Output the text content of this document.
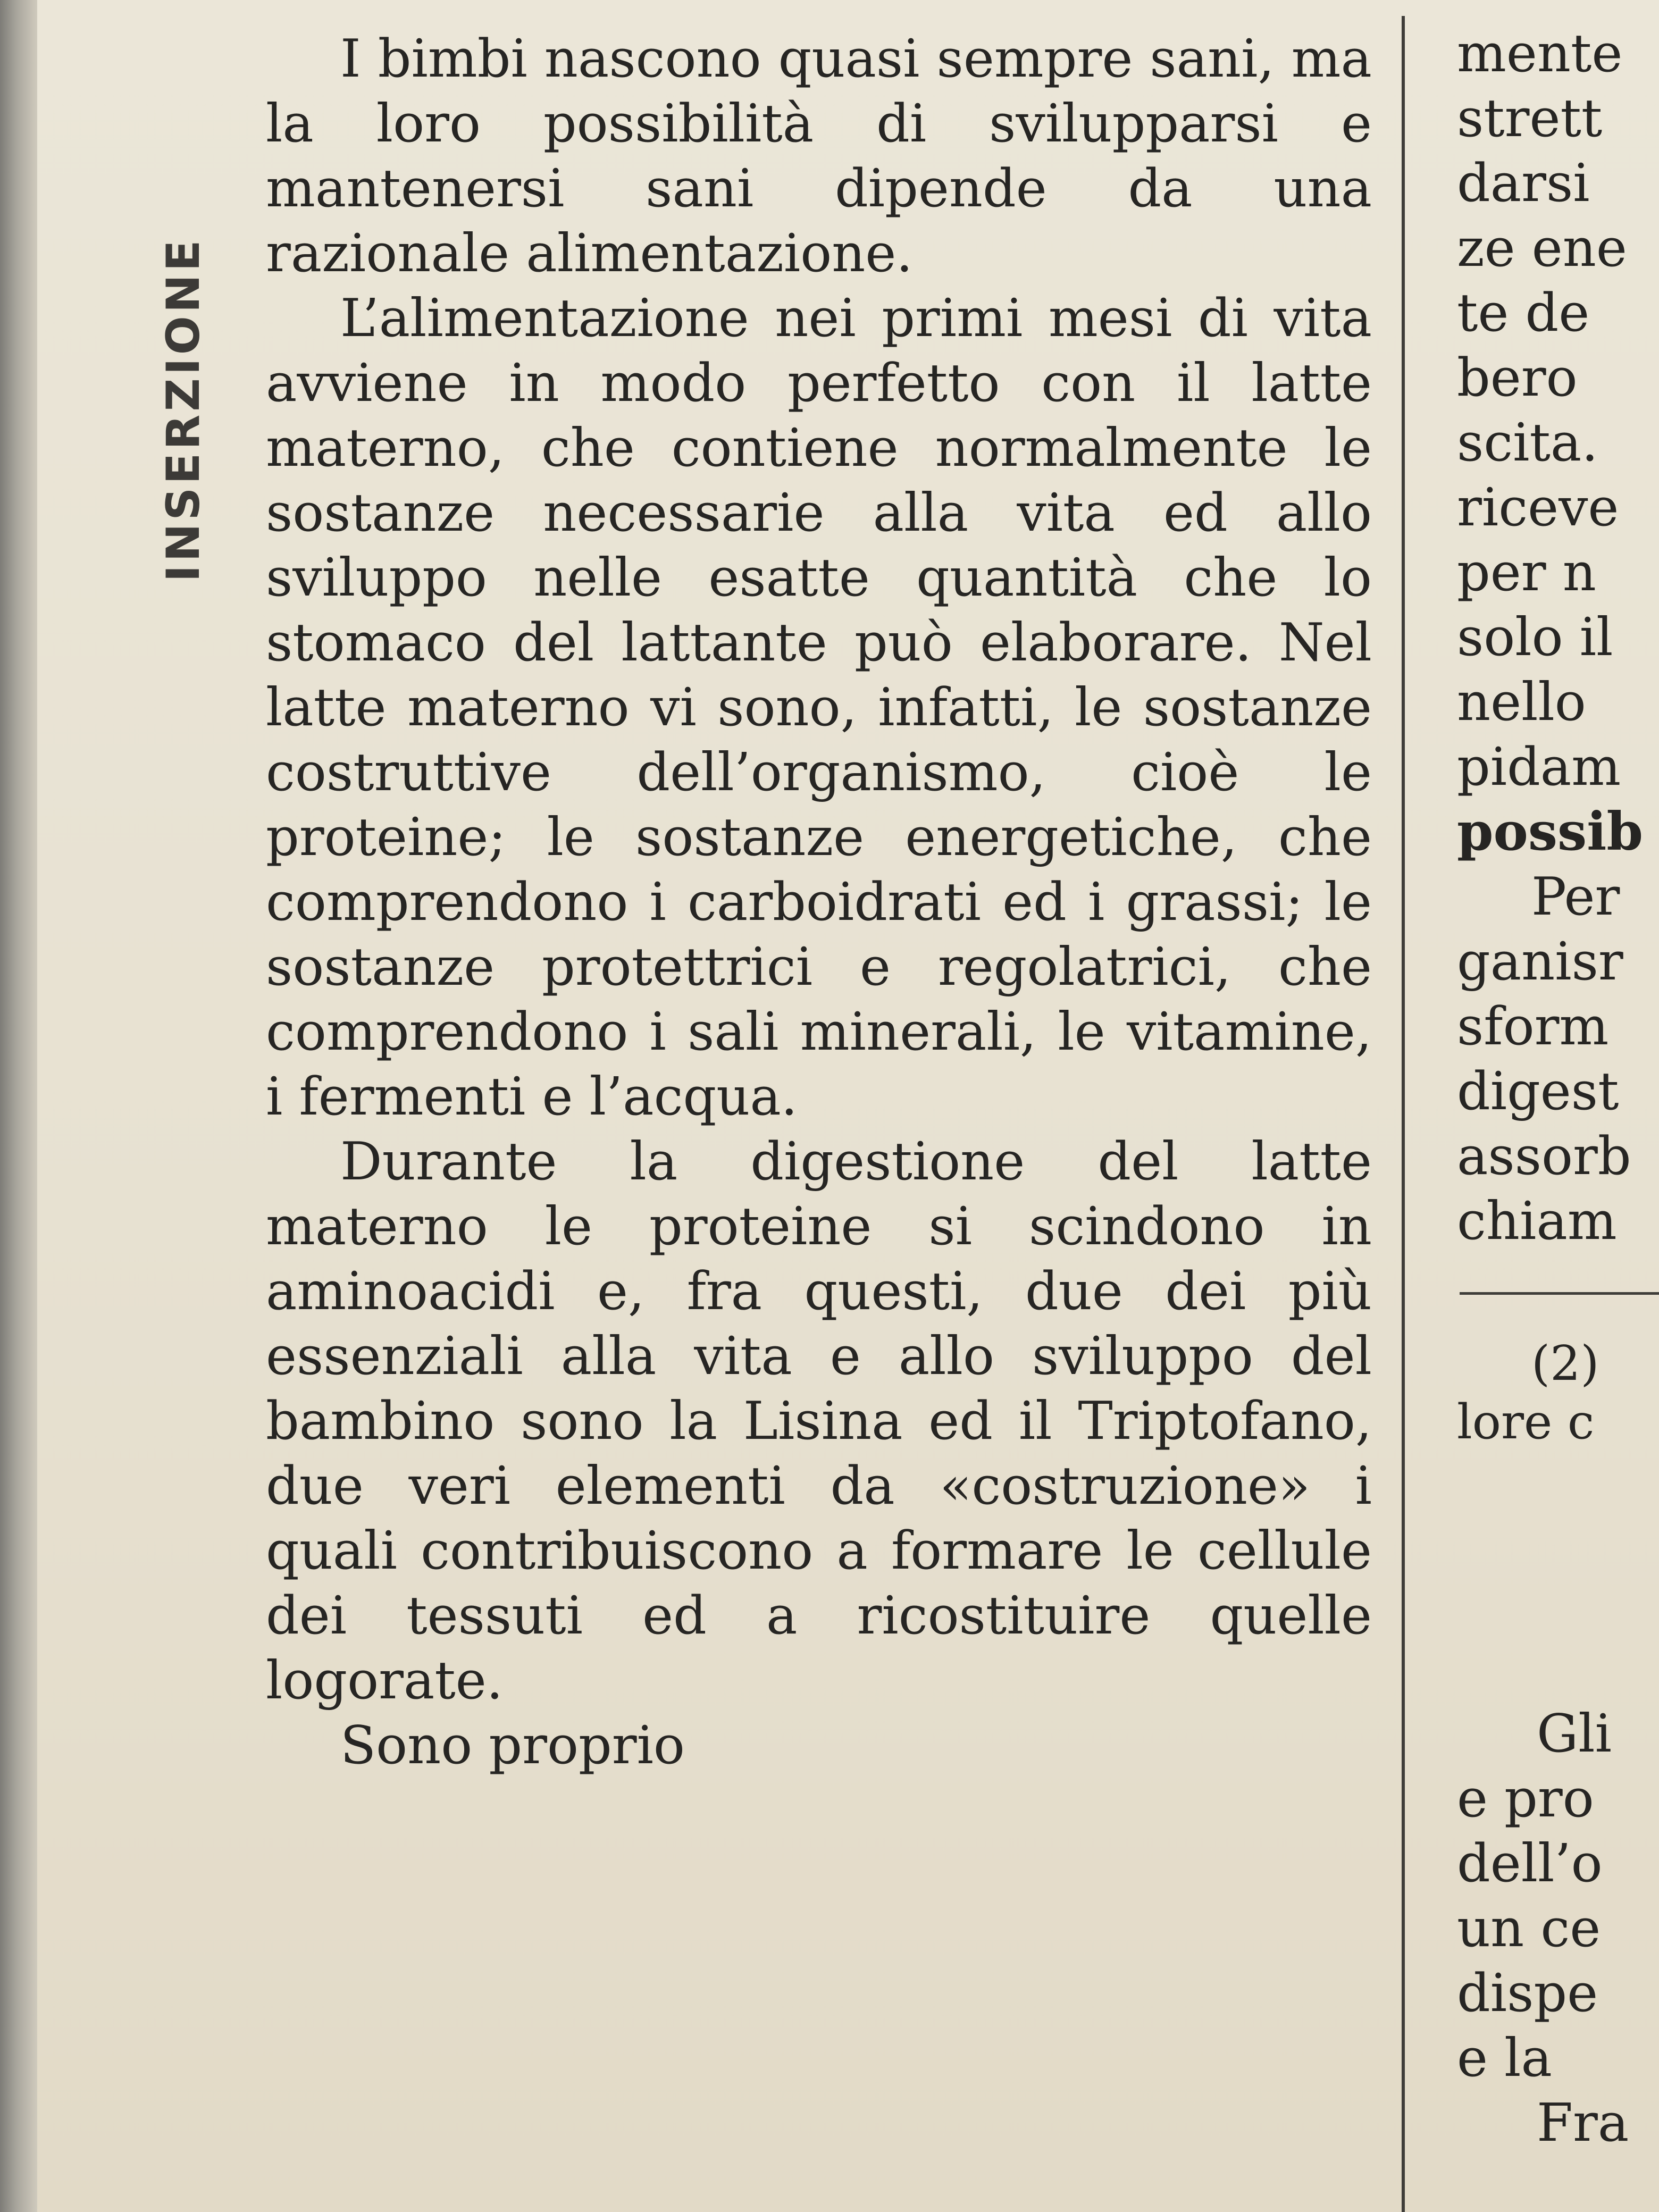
INSERZIONE

I bimbi nascono quasi sempre sani, ma la loro possibilità di svilupparsi e mantenersi sani dipende da una razionale alimentazione.

L’alimentazione nei primi mesi di vita avviene in modo perfetto con il latte materno, che contiene normalmente le sostanze necessarie alla vita ed allo sviluppo nelle esatte quantità che lo stomaco del lattante può elaborare. Nel latte materno vi sono, infatti, le sostanze costruttive dell’organismo, cioè le proteine; le sostanze energetiche, che comprendono i carboidrati ed i grassi; le sostanze protettrici e regolatrici, che comprendono i sali minerali, le vitamine, i fermenti e l’acqua.

Durante la digestione del latte materno le proteine si scindono in aminoacidi e, fra questi, due dei più essenziali alla vita e allo sviluppo del bambino sono la Lisina ed il Triptofano, due veri elementi da «costruzione» i quali contribuiscono a formare le cellule dei tessuti ed a ricostituire quelle logorate.

Sono proprio

mente
strett
darsi
ze ene
te de
bero
scita.
riceve
per n
solo il
nello
pidam
possib
Per
ganisr
sform
digest
assorb
chiam
(2)
lore c
Gli
e pro
dell’o
un ce
dispe
e la
Fra
